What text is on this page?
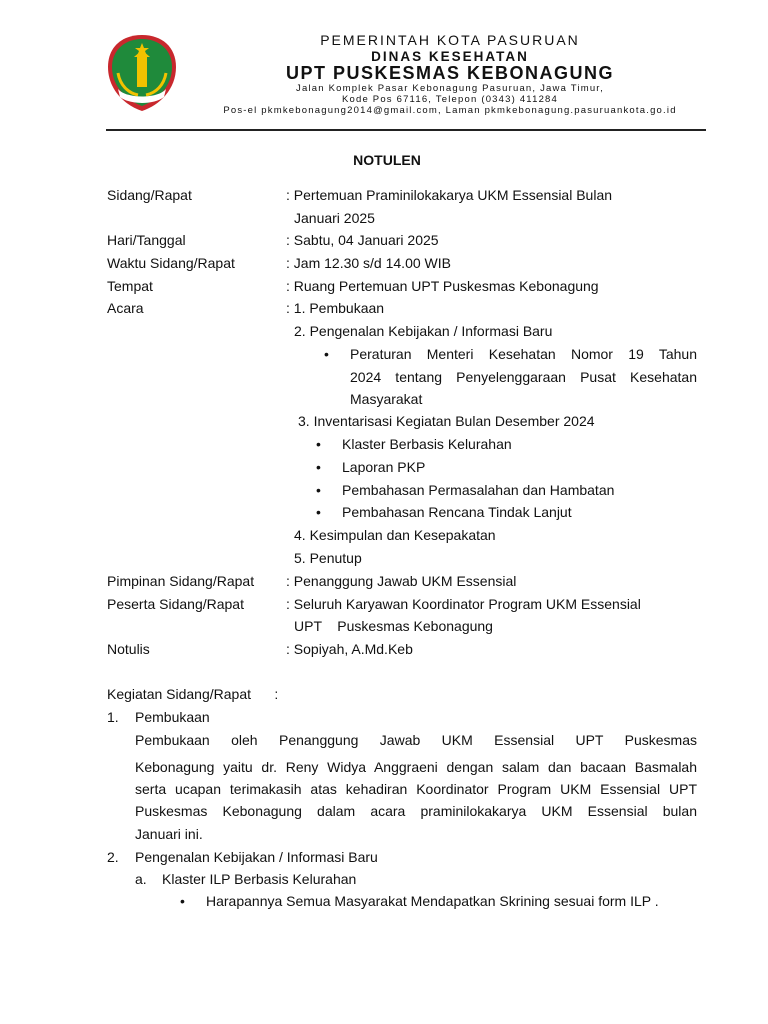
PEMERINTAH KOTA PASURUAN
DINAS KESEHATAN
UPT PUSKESMAS KEBONAGUNG
Jalan Komplek Pasar Kebonagung Pasuruan, Jawa Timur,
Kode Pos 67116, Telepon (0343) 411284
Pos-el pkmkebonagung2014@gmail.com, Laman pkmkebonagung.pasuruankota.go.id
NOTULEN
Sidang/Rapat	: Pertemuan Praminilokakarya UKM Essensial Bulan
Januari 2025
Hari/Tanggal	: Sabtu, 04 Januari 2025
Waktu Sidang/Rapat	: Jam 12.30 s/d 14.00 WIB
Tempat	: Ruang Pertemuan UPT Puskesmas Kebonagung
Acara	: 1. Pembukaan
2. Pengenalan Kebijakan / Informasi Baru
• Peraturan Menteri Kesehatan Nomor 19 Tahun
2024 tentang Penyelenggaraan Pusat Kesehatan
Masyarakat
3. Inventarisasi Kegiatan Bulan Desember 2024
• Klaster Berbasis Kelurahan
• Laporan PKP
• Pembahasan Permasalahan dan Hambatan
• Pembahasan Rencana Tindak Lanjut
4. Kesimpulan dan Kesepakatan
5. Penutup
Pimpinan Sidang/Rapat : Penanggung Jawab UKM Essensial
Peserta Sidang/Rapat	: Seluruh Karyawan Koordinator Program UKM Essensial
UPT    Puskesmas Kebonagung
Notulis	: Sopiyah, A.Md.Keb
Kegiatan Sidang/Rapat      :
1. Pembukaan
Pembukaan oleh Penanggung Jawab UKM Essensial UPT Puskesmas
Kebonagung yaitu dr. Reny Widya Anggraeni dengan salam dan bacaan Basmalah
serta ucapan terimakasih atas kehadiran Koordinator Program UKM Essensial UPT
Puskesmas Kebonagung dalam acara praminilokakarya UKM Essensial bulan
Januari ini.
2. Pengenalan Kebijakan / Informasi Baru
a. Klaster ILP Berbasis Kelurahan
• Harapannya Semua Masyarakat Mendapatkan Skrining sesuai form ILP .
